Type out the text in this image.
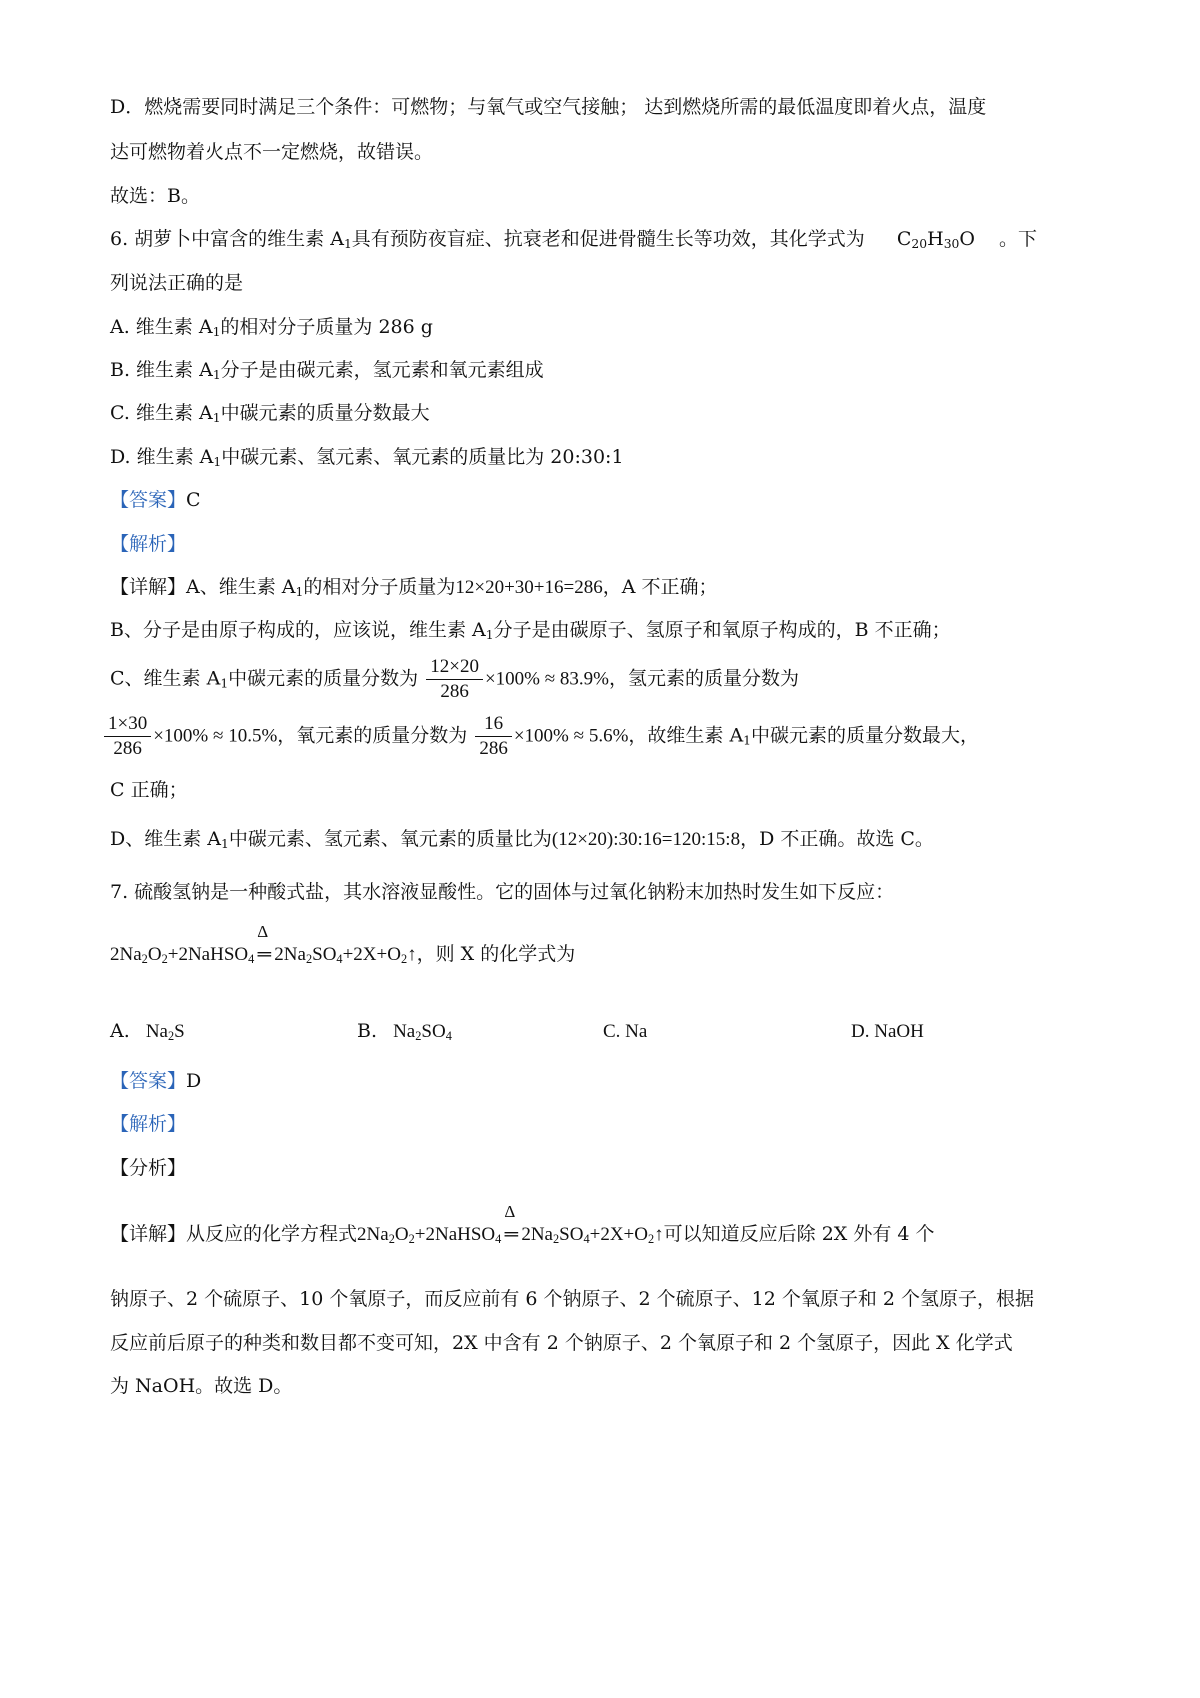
D．燃烧需要同时满足三个条件：可燃物；与氧气或空气接触； 达到燃烧所需的最低温度即着火点，温度
达可燃物着火点不一定燃烧，故错误。
故选：B。
6. 胡萝卜中富含的维生素 $A_1$具有预防夜盲症、抗衰老和促进骨髓生长等功效，其化学式为 $C_{20}H_{30}O$ 。下
列说法正确的是
A. 维生素 $A_1$的相对分子质量为 286 g
B. 维生素 $A_1$分子是由碳元素，氢元素和氧元素组成
C. 维生素 $A_1$中碳元素的质量分数最大
D. 维生素 $A_1$中碳元素、氢元素、氧元素的质量比为 20:30:1
【答案】C
【解析】
【详解】A、维生素 $A_1$的相对分子质量为12×20+30+16=286，A 不正确；
B、分子是由原子构成的，应该说，维生素 $A_1$分子是由碳原子、氢原子和氧原子构成的，B 不正确；
C、维生素 $A_1$中碳元素的质量分数为 $\frac{12\times 20}{286} \times 100\% \approx 83.9\%$，氢元素的质量分数为
$\frac{1\times 30}{286} \times 100\% \approx 10.5\%$，氧元素的质量分数为 $\frac{16}{286} \times 100\% \approx 5.6\%$，故维生素 $A_1$中碳元素的质量分数最大，
C 正确；
D、维生素 $A_1$中碳元素、氢元素、氧元素的质量比为(12×20):30:16=120:15:8，D 不正确。故选 C。
7. 硫酸氢钠是一种酸式盐，其水溶液显酸性。它的固体与过氧化钠粉末加热时发生如下反应：
$2Na_2O_2+2NaHSO_4$
Δ
═ $2Na_2SO_4+2X+O_2↑$，则 X 的化学式为
A. $Na_2S$	B. $Na_2SO_4$	C. Na	D. NaOH
【答案】D
【解析】
【分析】
【详解】从反应的化学方程式$2Na_2O_2+2NaHSO_4$
Δ
═ $2Na_2SO_4+2X+O_2↑$可以知道反应后除 2X 外有 4 个
钠原子、2 个硫原子、10 个氧原子，而反应前有 6 个钠原子、2 个硫原子、12 个氧原子和 2 个氢原子，根据
反应前后原子的种类和数目都不变可知，2X 中含有 2 个钠原子、2 个氧原子和 2 个氢原子，因此 X 化学式
为 NaOH。故选 D。
